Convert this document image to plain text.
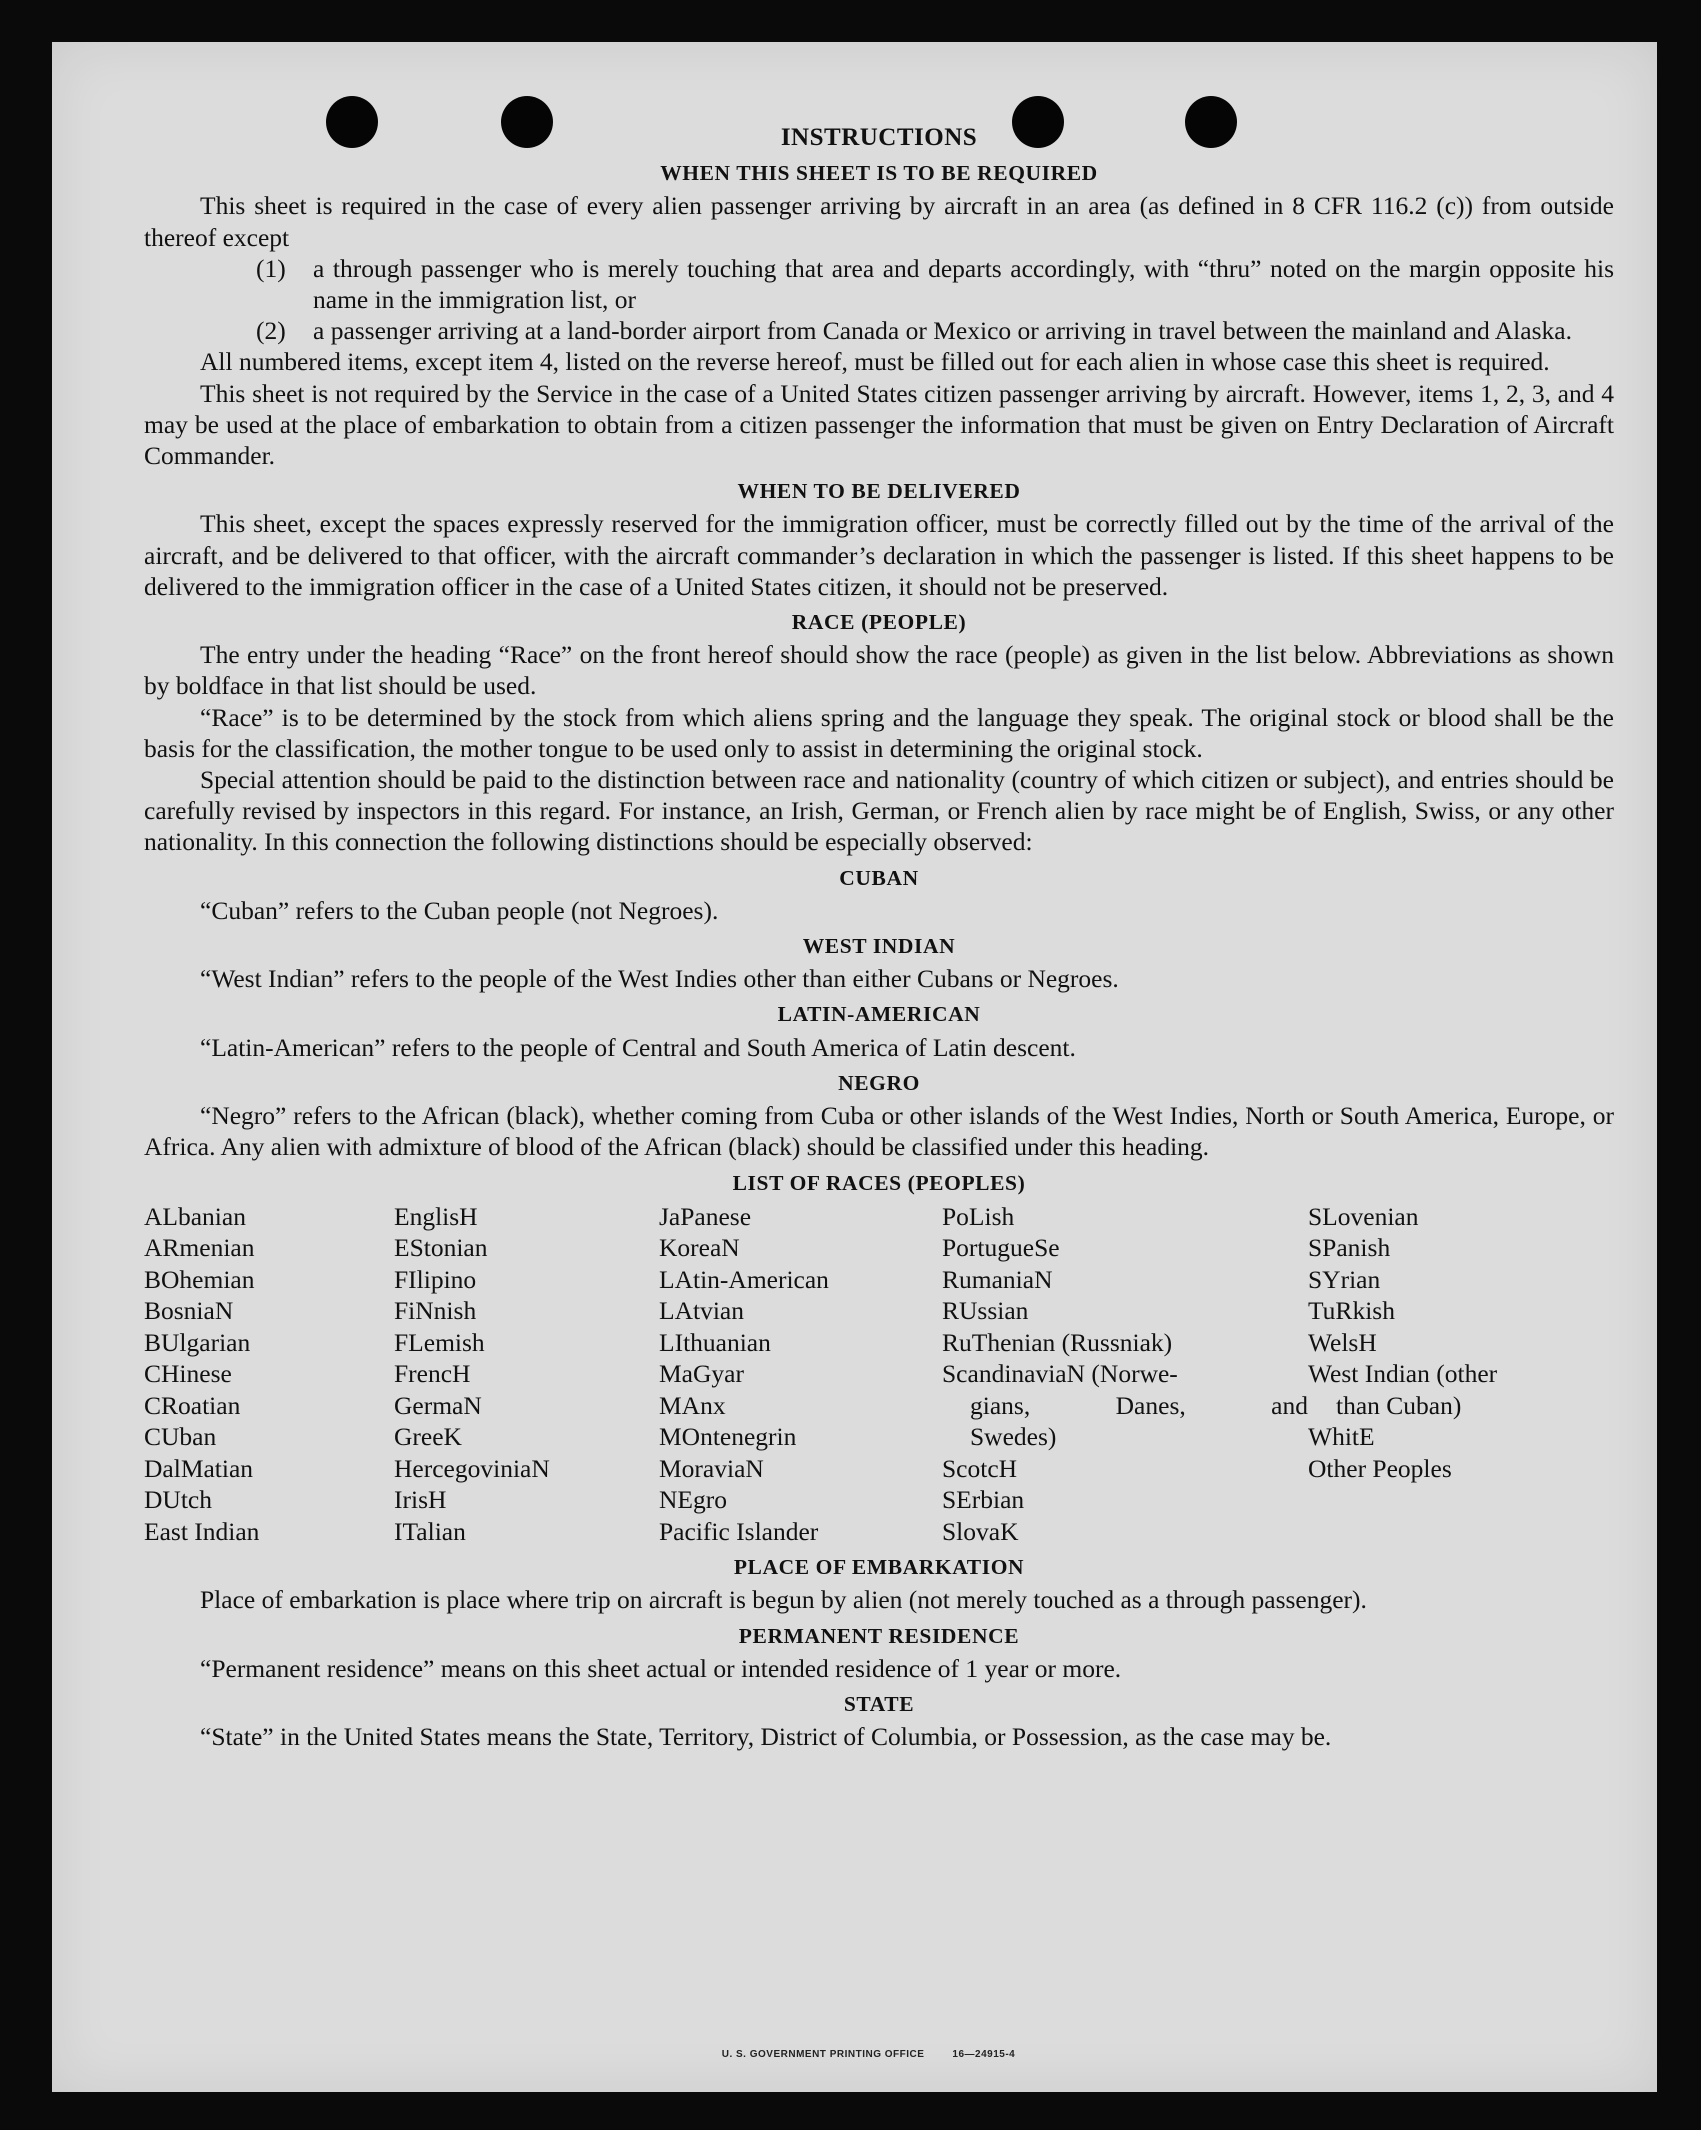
INSTRUCTIONS
WHEN THIS SHEET IS TO BE REQUIRED

This sheet is required in the case of every alien passenger arriving by aircraft in an area (as defined in 8 CFR 116.2 (c)) from outside thereof except

(1)	a through passenger who is merely touching that area and departs accordingly, with “thru” noted on the margin opposite his name in the immigration list, or
(2)	a passenger arriving at a land-border airport from Canada or Mexico or arriving in travel between the mainland and Alaska.

All numbered items, except item 4, listed on the reverse hereof, must be filled out for each alien in whose case this sheet is required.

This sheet is not required by the Service in the case of a United States citizen passenger arriving by aircraft. However, items 1, 2, 3, and 4 may be used at the place of embarkation to obtain from a citizen passenger the information that must be given on Entry Declaration of Aircraft Commander.

WHEN TO BE DELIVERED

This sheet, except the spaces expressly reserved for the immigration officer, must be correctly filled out by the time of the arrival of the aircraft, and be delivered to that officer, with the aircraft commander’s declaration in which the passenger is listed. If this sheet happens to be delivered to the immigration officer in the case of a United States citizen, it should not be preserved.

RACE (PEOPLE)

The entry under the heading “Race” on the front hereof should show the race (people) as given in the list below. Abbreviations as shown by boldface in that list should be used.

“Race” is to be determined by the stock from which aliens spring and the language they speak. The original stock or blood shall be the basis for the classification, the mother tongue to be used only to assist in determining the original stock.

Special attention should be paid to the distinction between race and nationality (country of which citizen or subject), and entries should be carefully revised by inspectors in this regard. For instance, an Irish, German, or French alien by race might be of English, Swiss, or any other nationality. In this connection the following distinctions should be especially observed:

CUBAN

“Cuban” refers to the Cuban people (not Negroes).

WEST INDIAN

“West Indian” refers to the people of the West Indies other than either Cubans or Negroes.

LATIN-AMERICAN

“Latin-American” refers to the people of Central and South America of Latin descent.

NEGRO

“Negro” refers to the African (black), whether coming from Cuba or other islands of the West Indies, North or South America, Europe, or Africa. Any alien with admixture of blood of the African (black) should be classified under this heading.

LIST OF RACES (PEOPLES)
ALbanian
ARmenian
BOhemian
BosniaN
BUlgarian
CHinese
CRoatian
CUban
DalMatian
DUtch
East Indian
EnglisH
EStonian
FIlipino
FiNnish
FLemish
FrencH
GermaN
GreeK
HercegoviniaN
IrisH
ITalian
JaPanese
KoreaN
LAtin-American
LAtvian
LIthuanian
MaGyar
MAnx
MOntenegrin
MoraviaN
NEgro
Pacific Islander
PoLish
PortugueSe
RumaniaN
RUssian
RuThenian (Russniak)
ScandinaviaN (Norwe-
gians, Danes, and
Swedes)
ScotcH
SErbian
SlovaK
SLovenian
SPanish
SYrian
TuRkish
WelsH
West Indian (other
than Cuban)
WhitE
Other Peoples
PLACE OF EMBARKATION

Place of embarkation is place where trip on aircraft is begun by alien (not merely touched as a through passenger).

PERMANENT RESIDENCE

“Permanent residence” means on this sheet actual or intended residence of 1 year or more.

STATE

“State” in the United States means the State, Territory, District of Columbia, or Possession, as the case may be.

U. S. GOVERNMENT PRINTING OFFICE	16—24915-4
